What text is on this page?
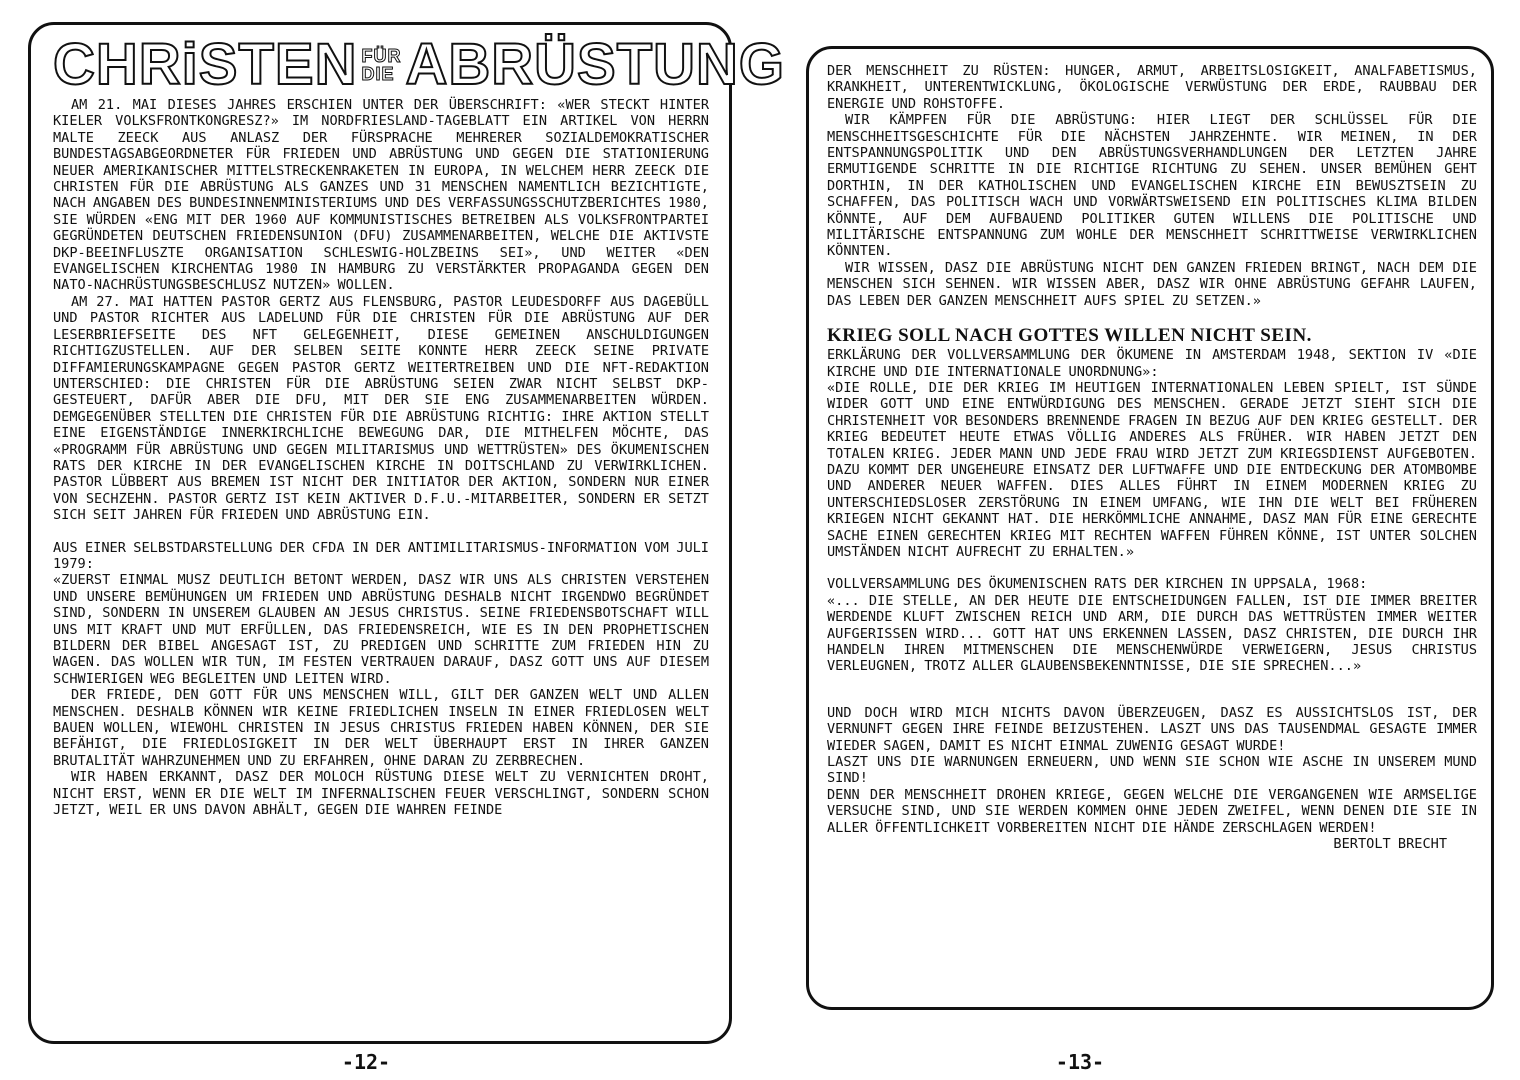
CHRiSTEN FÜR
DIE ABRÜSTUNG

AM 21. MAI DIESES JAHRES ERSCHIEN UNTER DER ÜBERSCHRIFT: «WER STECKT HINTER KIELER VOLKSFRONTKONGRESZ?» IM NORDFRIESLAND-TAGEBLATT EIN ARTIKEL VON HERRN MALTE ZEECK AUS ANLASZ DER FÜRSPRACHE MEHRERER SOZIALDEMOKRATISCHER BUNDESTAGSABGEORDNETER FÜR FRIEDEN UND ABRÜSTUNG UND GEGEN DIE STATIONIERUNG NEUER AMERIKANISCHER MITTELSTRECKENRAKETEN IN EUROPA, IN WELCHEM HERR ZEECK DIE CHRISTEN FÜR DIE ABRÜSTUNG ALS GANZES UND 31 MENSCHEN NAMENTLICH BEZICHTIGTE, NACH ANGABEN DES BUNDESINNENMINISTERIUMS UND DES VERFASSUNGSSCHUTZBERICHTES 1980, SIE WÜRDEN «ENG MIT DER 1960 AUF KOMMUNISTISCHES BETREIBEN ALS VOLKSFRONTPARTEI GEGRÜNDETEN DEUTSCHEN FRIEDENSUNION (DFU) ZUSAMMENARBEITEN, WELCHE DIE AKTIVSTE DKP-BEEINFLUSZTE ORGANISATION SCHLESWIG-HOLZBEINS SEI», UND WEITER «DEN EVANGELISCHEN KIRCHENTAG 1980 IN HAMBURG ZU VERSTÄRKTER PROPAGANDA GEGEN DEN NATO-NACHRÜSTUNGSBESCHLUSZ NUTZEN» WOLLEN.

AM 27. MAI HATTEN PASTOR GERTZ AUS FLENSBURG, PASTOR LEUDESDORFF AUS DAGEBÜLL UND PASTOR RICHTER AUS LADELUND FÜR DIE CHRISTEN FÜR DIE ABRÜSTUNG AUF DER LESERBRIEFSEITE DES NFT GELEGENHEIT, DIESE GEMEINEN ANSCHULDIGUNGEN RICHTIGZUSTELLEN. AUF DER SELBEN SEITE KONNTE HERR ZEECK SEINE PRIVATE DIFFAMIERUNGSKAMPAGNE GEGEN PASTOR GERTZ WEITERTREIBEN UND DIE NFT-REDAKTION UNTERSCHIED: DIE CHRISTEN FÜR DIE ABRÜSTUNG SEIEN ZWAR NICHT SELBST DKP-GESTEUERT, DAFÜR ABER DIE DFU, MIT DER SIE ENG ZUSAMMENARBEITEN WÜRDEN. DEMGEGENÜBER STELLTEN DIE CHRISTEN FÜR DIE ABRÜSTUNG RICHTIG: IHRE AKTION STELLT EINE EIGENSTÄNDIGE INNERKIRCHLICHE BEWEGUNG DAR, DIE MITHELFEN MÖCHTE, DAS «PROGRAMM FÜR ABRÜSTUNG UND GEGEN MILITARISMUS UND WETTRÜSTEN» DES ÖKUMENISCHEN RATS DER KIRCHE IN DER EVANGELISCHEN KIRCHE IN DOITSCHLAND ZU VERWIRKLICHEN. PASTOR LÜBBERT AUS BREMEN IST NICHT DER INITIATOR DER AKTION, SONDERN NUR EINER VON SECHZEHN. PASTOR GERTZ IST KEIN AKTIVER D.F.U.-MITARBEITER, SONDERN ER SETZT SICH SEIT JAHREN FÜR FRIEDEN UND ABRÜSTUNG EIN.

AUS EINER SELBSTDARSTELLUNG DER CFDA IN DER ANTIMILITARISMUS-INFORMATION VOM JULI 1979:

«ZUERST EINMAL MUSZ DEUTLICH BETONT WERDEN, DASZ WIR UNS ALS CHRISTEN VERSTEHEN UND UNSERE BEMÜHUNGEN UM FRIEDEN UND ABRÜSTUNG DESHALB NICHT IRGENDWO BEGRÜNDET SIND, SONDERN IN UNSEREM GLAUBEN AN JESUS CHRISTUS. SEINE FRIEDENSBOTSCHAFT WILL UNS MIT KRAFT UND MUT ERFÜLLEN, DAS FRIEDENSREICH, WIE ES IN DEN PROPHETISCHEN BILDERN DER BIBEL ANGESAGT IST, ZU PREDIGEN UND SCHRITTE ZUM FRIEDEN HIN ZU WAGEN. DAS WOLLEN WIR TUN, IM FESTEN VERTRAUEN DARAUF, DASZ GOTT UNS AUF DIESEM SCHWIERIGEN WEG BEGLEITEN UND LEITEN WIRD.

DER FRIEDE, DEN GOTT FÜR UNS MENSCHEN WILL, GILT DER GANZEN WELT UND ALLEN MENSCHEN. DESHALB KÖNNEN WIR KEINE FRIEDLICHEN INSELN IN EINER FRIEDLOSEN WELT BAUEN WOLLEN, WIEWOHL CHRISTEN IN JESUS CHRISTUS FRIEDEN HABEN KÖNNEN, DER SIE BEFÄHIGT, DIE FRIEDLOSIGKEIT IN DER WELT ÜBERHAUPT ERST IN IHRER GANZEN BRUTALITÄT WAHRZUNEHMEN UND ZU ERFAHREN, OHNE DARAN ZU ZERBRECHEN.

WIR HABEN ERKANNT, DASZ DER MOLOCH RÜSTUNG DIESE WELT ZU VERNICHTEN DROHT, NICHT ERST, WENN ER DIE WELT IM INFERNALISCHEN FEUER VERSCHLINGT, SONDERN SCHON JETZT, WEIL ER UNS DAVON ABHÄLT, GEGEN DIE WAHREN FEINDE

-12-

DER MENSCHHEIT ZU RÜSTEN: HUNGER, ARMUT, ARBEITSLOSIGKEIT, ANALFABETISMUS, KRANKHEIT, UNTERENTWICKLUNG, ÖKOLOGISCHE VERWÜSTUNG DER ERDE, RAUBBAU DER ENERGIE UND ROHSTOFFE.

WIR KÄMPFEN FÜR DIE ABRÜSTUNG: HIER LIEGT DER SCHLÜSSEL FÜR DIE MENSCHHEITSGESCHICHTE FÜR DIE NÄCHSTEN JAHRZEHNTE. WIR MEINEN, IN DER ENTSPANNUNGSPOLITIK UND DEN ABRÜSTUNGSVERHANDLUNGEN DER LETZTEN JAHRE ERMUTIGENDE SCHRITTE IN DIE RICHTIGE RICHTUNG ZU SEHEN. UNSER BEMÜHEN GEHT DORTHIN, IN DER KATHOLISCHEN UND EVANGELISCHEN KIRCHE EIN BEWUSZTSEIN ZU SCHAFFEN, DAS POLITISCH WACH UND VORWÄRTSWEISEND EIN POLITISCHES KLIMA BILDEN KÖNNTE, AUF DEM AUFBAUEND POLITIKER GUTEN WILLENS DIE POLITISCHE UND MILITÄRISCHE ENTSPANNUNG ZUM WOHLE DER MENSCHHEIT SCHRITTWEISE VERWIRKLICHEN KÖNNTEN.

WIR WISSEN, DASZ DIE ABRÜSTUNG NICHT DEN GANZEN FRIEDEN BRINGT, NACH DEM DIE MENSCHEN SICH SEHNEN. WIR WISSEN ABER, DASZ WIR OHNE ABRÜSTUNG GEFAHR LAUFEN, DAS LEBEN DER GANZEN MENSCHHEIT AUFS SPIEL ZU SETZEN.»

KRIEG SOLL NACH GOTTES WILLEN NICHT SEIN.

ERKLÄRUNG DER VOLLVERSAMMLUNG DER ÖKUMENE IN AMSTERDAM 1948, SEKTION IV «DIE KIRCHE UND DIE INTERNATIONALE UNORDNUNG»:

«DIE ROLLE, DIE DER KRIEG IM HEUTIGEN INTERNATIONALEN LEBEN SPIELT, IST SÜNDE WIDER GOTT UND EINE ENTWÜRDIGUNG DES MENSCHEN. GERADE JETZT SIEHT SICH DIE CHRISTENHEIT VOR BESONDERS BRENNENDE FRAGEN IN BEZUG AUF DEN KRIEG GESTELLT. DER KRIEG BEDEUTET HEUTE ETWAS VÖLLIG ANDERES ALS FRÜHER. WIR HABEN JETZT DEN TOTALEN KRIEG. JEDER MANN UND JEDE FRAU WIRD JETZT ZUM KRIEGSDIENST AUFGEBOTEN. DAZU KOMMT DER UNGEHEURE EINSATZ DER LUFTWAFFE UND DIE ENTDECKUNG DER ATOMBOMBE UND ANDERER NEUER WAFFEN. DIES ALLES FÜHRT IN EINEM MODERNEN KRIEG ZU UNTERSCHIEDSLOSER ZERSTÖRUNG IN EINEM UMFANG, WIE IHN DIE WELT BEI FRÜHEREN KRIEGEN NICHT GEKANNT HAT. DIE HERKÖMMLICHE ANNAHME, DASZ MAN FÜR EINE GERECHTE SACHE EINEN GERECHTEN KRIEG MIT RECHTEN WAFFEN FÜHREN KÖNNE, IST UNTER SOLCHEN UMSTÄNDEN NICHT AUFRECHT ZU ERHALTEN.»

VOLLVERSAMMLUNG DES ÖKUMENISCHEN RATS DER KIRCHEN IN UPPSALA, 1968:

«... DIE STELLE, AN DER HEUTE DIE ENTSCHEIDUNGEN FALLEN, IST DIE IMMER BREITER WERDENDE KLUFT ZWISCHEN REICH UND ARM, DIE DURCH DAS WETTRÜSTEN IMMER WEITER AUFGERISSEN WIRD... GOTT HAT UNS ERKENNEN LASSEN, DASZ CHRISTEN, DIE DURCH IHR HANDELN IHREN MITMENSCHEN DIE MENSCHENWÜRDE VERWEIGERN, JESUS CHRISTUS VERLEUGNEN, TROTZ ALLER GLAUBENSBEKENNTNISSE, DIE SIE SPRECHEN...»

UND DOCH WIRD MICH NICHTS DAVON ÜBERZEUGEN, DASZ ES AUSSICHTSLOS IST, DER VERNUNFT GEGEN IHRE FEINDE BEIZUSTEHEN. LASZT UNS DAS TAUSENDMAL GESAGTE IMMER WIEDER SAGEN, DAMIT ES NICHT EINMAL ZUWENIG GESAGT WURDE!

LASZT UNS DIE WARNUNGEN ERNEUERN, UND WENN SIE SCHON WIE ASCHE IN UNSEREM MUND SIND!

DENN DER MENSCHHEIT DROHEN KRIEGE, GEGEN WELCHE DIE VERGANGENEN WIE ARMSELIGE VERSUCHE SIND, UND SIE WERDEN KOMMEN OHNE JEDEN ZWEIFEL, WENN DENEN DIE SIE IN ALLER ÖFFENTLICHKEIT VORBEREITEN NICHT DIE HÄNDE ZERSCHLAGEN WERDEN!

BERTOLT BRECHT

-13-
